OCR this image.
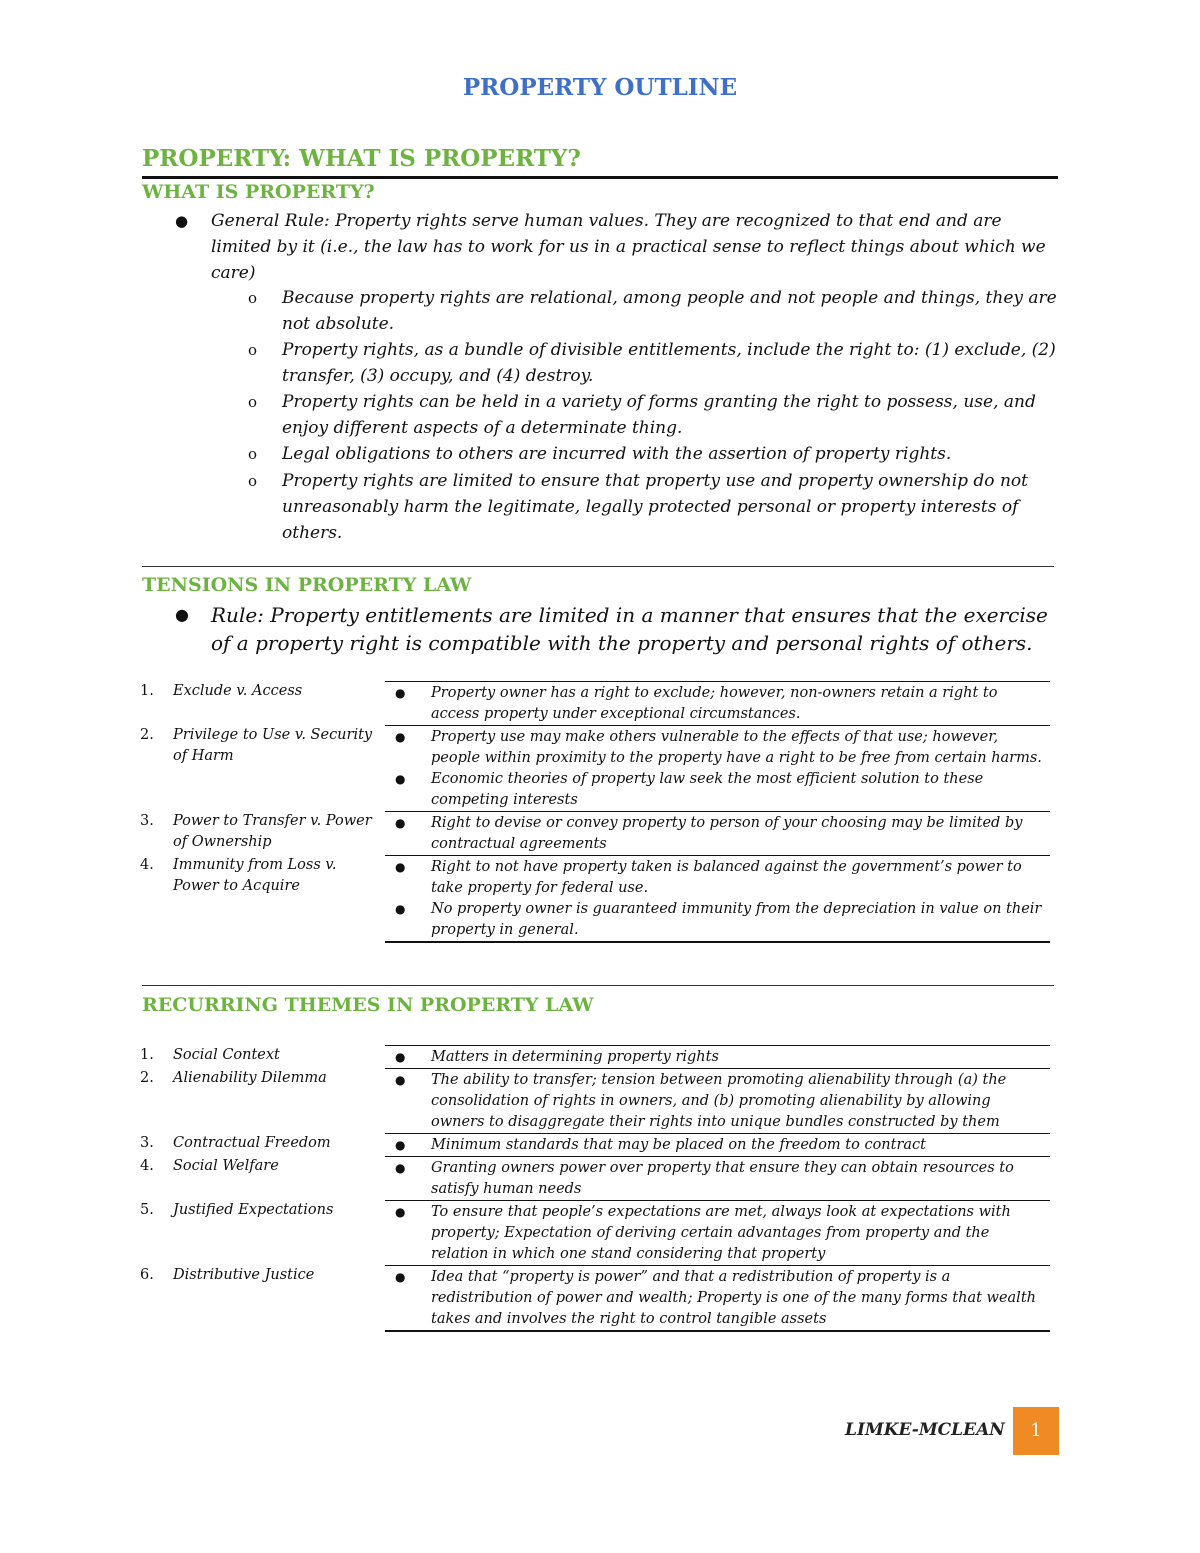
PROPERTY OUTLINE
PROPERTY: WHAT IS PROPERTY?
WHAT IS PROPERTY?
● General Rule: Property rights serve human values. They are recognized to that end and are limited by it (i.e., the law has to work for us in a practical sense to reflect things about which we care)
o Because property rights are relational, among people and not people and things, they are not absolute.
o Property rights, as a bundle of divisible entitlements, include the right to: (1) exclude, (2) transfer, (3) occupy, and (4) destroy.
o Property rights can be held in a variety of forms granting the right to possess, use, and enjoy different aspects of a determinate thing.
o Legal obligations to others are incurred with the assertion of property rights.
o Property rights are limited to ensure that property use and property ownership do not unreasonably harm the legitimate, legally protected personal or property interests of others.
TENSIONS IN PROPERTY LAW
● Rule: Property entitlements are limited in a manner that ensures that the exercise of a property right is compatible with the property and personal rights of others.
1. Exclude v. Access	● Property owner has a right to exclude; however, non-owners retain a right to access property under exceptional circumstances.
2. Privilege to Use v. Security of Harm
● Property use may make others vulnerable to the effects of that use; however, people within proximity to the property have a right to be free from certain harms.
● Economic theories of property law seek the most efficient solution to these competing interests
3. Power to Transfer v. Power of Ownership
● Right to devise or convey property to person of your choosing may be limited by contractual agreements
4. Immunity from Loss v. Power to Acquire
● Right to not have property taken is balanced against the government’s power to take property for federal use.
● No property owner is guaranteed immunity from the depreciation in value on their property in general.
RECURRING THEMES IN PROPERTY LAW
1. Social Context	● Matters in determining property rights
2. Alienability Dilemma	● The ability to transfer; tension between promoting alienability through (a) the consolidation of rights in owners, and (b) promoting alienability by allowing owners to disaggregate their rights into unique bundles constructed by them
3. Contractual Freedom	● Minimum standards that may be placed on the freedom to contract
4. Social Welfare	● Granting owners power over property that ensure they can obtain resources to satisfy human needs
5. Justified Expectations	● To ensure that people’s expectations are met, always look at expectations with property; Expectation of deriving certain advantages from property and the relation in which one stand considering that property
6. Distributive Justice	● Idea that “property is power” and that a redistribution of property is a redistribution of power and wealth; Property is one of the many forms that wealth takes and involves the right to control tangible assets
LIMKE-MCLEAN	1
